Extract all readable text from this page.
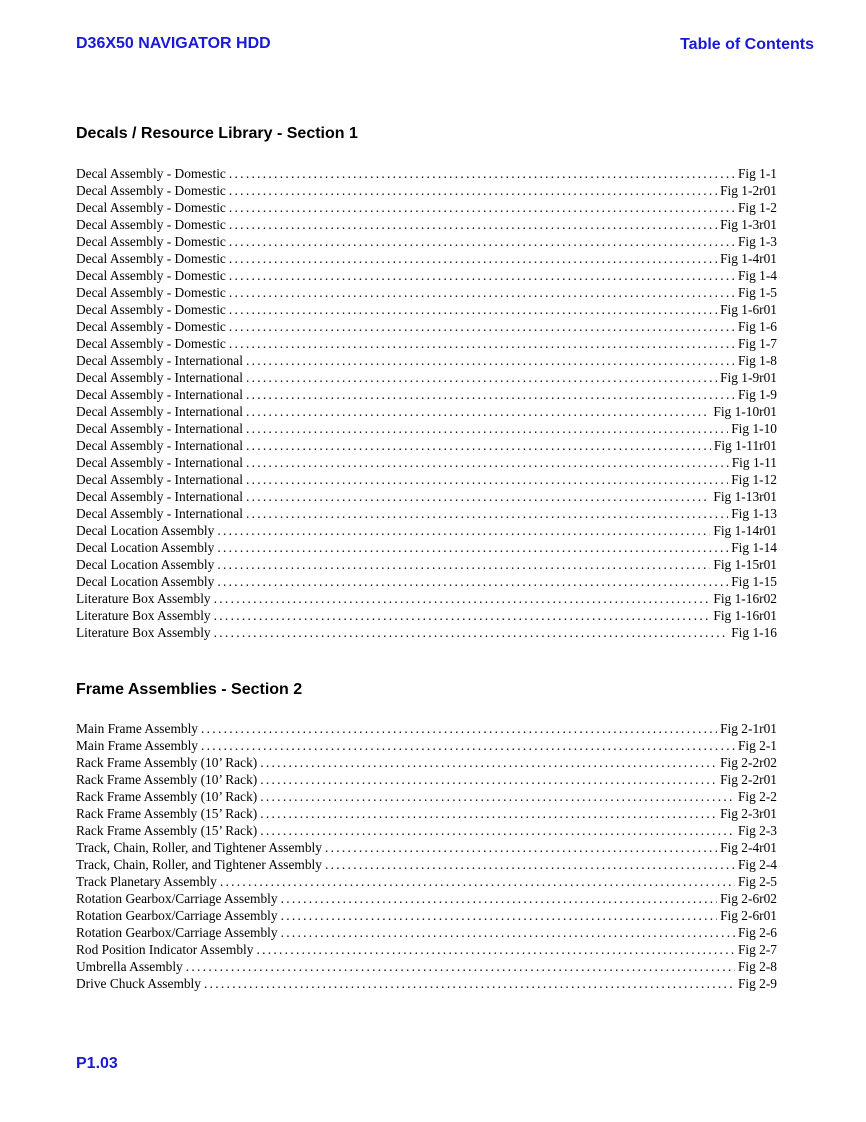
D36X50 NAVIGATOR HDD	Table of Contents
Decals / Resource Library - Section 1
Decal Assembly - Domestic .....	Fig 1-1
Decal Assembly - Domestic .....	Fig 1-2r01
Decal Assembly - Domestic .....	Fig 1-2
Decal Assembly - Domestic .....	Fig 1-3r01
Decal Assembly - Domestic .....	Fig 1-3
Decal Assembly - Domestic .....	Fig 1-4r01
Decal Assembly - Domestic .....	Fig 1-4
Decal Assembly - Domestic .....	Fig 1-5
Decal Assembly - Domestic .....	Fig 1-6r01
Decal Assembly - Domestic .....	Fig 1-6
Decal Assembly - Domestic .....	Fig 1-7
Decal Assembly - International .....	Fig 1-8
Decal Assembly - International .....	Fig 1-9r01
Decal Assembly - International .....	Fig 1-9
Decal Assembly - International .....	Fig 1-10r01
Decal Assembly - International .....	Fig 1-10
Decal Assembly - International .....	Fig 1-11r01
Decal Assembly - International .....	Fig 1-11
Decal Assembly - International .....	Fig 1-12
Decal Assembly - International .....	Fig 1-13r01
Decal Assembly - International .....	Fig 1-13
Decal Location Assembly .....	Fig 1-14r01
Decal Location Assembly .....	Fig 1-14
Decal Location Assembly .....	Fig 1-15r01
Decal Location Assembly .....	Fig 1-15
Literature Box Assembly .....	Fig 1-16r02
Literature Box Assembly .....	Fig 1-16r01
Literature Box Assembly .....	Fig 1-16
Frame Assemblies - Section 2
Main Frame Assembly .....	Fig 2-1r01
Main Frame Assembly .....	Fig 2-1
Rack Frame Assembly (10’ Rack) .....	Fig 2-2r02
Rack Frame Assembly (10’ Rack) .....	Fig 2-2r01
Rack Frame Assembly (10’ Rack) .....	Fig 2-2
Rack Frame Assembly (15’ Rack) .....	Fig 2-3r01
Rack Frame Assembly (15’ Rack) .....	Fig 2-3
Track, Chain, Roller, and Tightener Assembly .....	Fig 2-4r01
Track, Chain, Roller, and Tightener Assembly .....	Fig 2-4
Track Planetary Assembly .....	Fig 2-5
Rotation Gearbox/Carriage Assembly .....	Fig 2-6r02
Rotation Gearbox/Carriage Assembly .....	Fig 2-6r01
Rotation Gearbox/Carriage Assembly .....	Fig 2-6
Rod Position Indicator Assembly .....	Fig 2-7
Umbrella Assembly .....	Fig 2-8
Drive Chuck Assembly .....	Fig 2-9
P1.03
